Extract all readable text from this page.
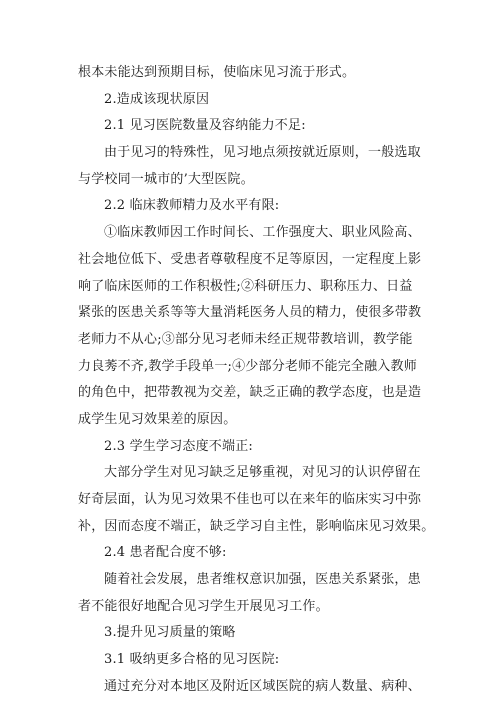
根本未能达到预期目标，使临床见习流于形式。
2.造成该现状原因
2.1 见习医院数量及容纳能力不足:
由于见习的特殊性，见习地点须按就近原则，一般选取
与学校同一城市的’大型医院。
2.2 临床教师精力及水平有限:
①临床教师因工作时间长、工作强度大、职业风险高、
社会地位低下、受患者尊敬程度不足等原因，一定程度上影
响了临床医师的工作积极性;②科研压力、职称压力、日益
紧张的医患关系等等大量消耗医务人员的精力，使很多带教
老师力不从心;③部分见习老师未经正规带教培训，教学能
力良莠不齐,教学手段单一;④少部分老师不能完全融入教师
的角色中，把带教视为交差，缺乏正确的教学态度，也是造
成学生见习效果差的原因。
2.3 学生学习态度不端正:
大部分学生对见习缺乏足够重视，对见习的认识停留在
好奇层面，认为见习效果不佳也可以在来年的临床实习中弥
补，因而态度不端正，缺乏学习自主性，影响临床见习效果。
2.4 患者配合度不够:
随着社会发展，患者维权意识加强，医患关系紧张，患
者不能很好地配合见习学生开展见习工作。
3.提升见习质量的策略
3.1 吸纳更多合格的见习医院:
通过充分对本地区及附近区域医院的病人数量、病种、
